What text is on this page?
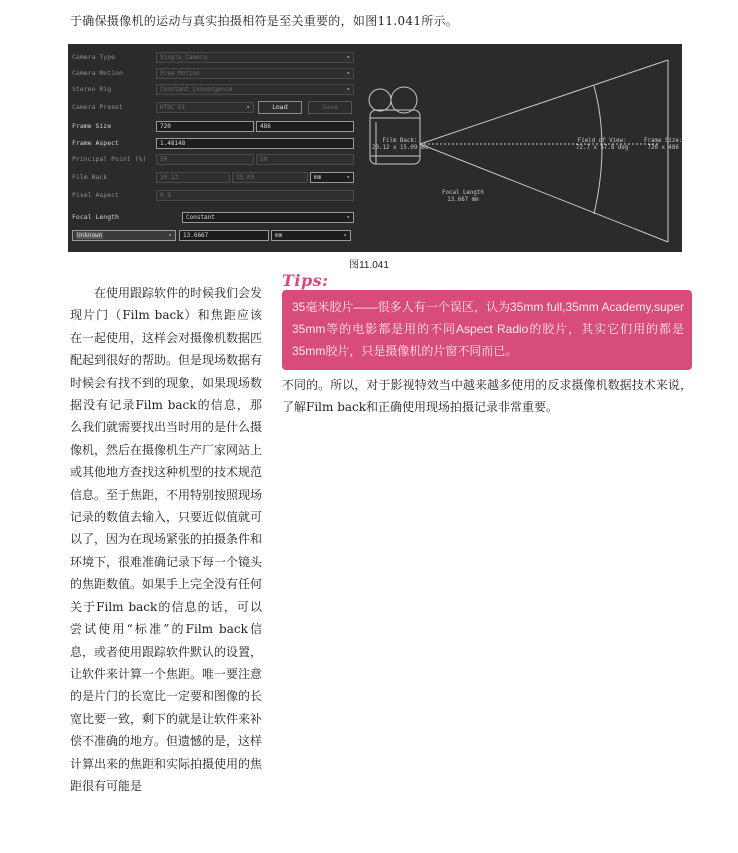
于确保摄像机的运动与真实拍摄相符是至关重要的，如图11.041所示。
Camera Type	Single Camera	▾
Camera Motion	Free Motion	▾
Stereo Rig	Constant Convergence	▾
Camera Preset	HTDC DI	▾	Load	Save
Frame Size	720	486
Frame Aspect	1.48148
Principal Point (%)	50	50
Film Back	20.12	15.09	mm	▾
Pixel Aspect	0.9
Focal Length	Constant	▾
Unknown	▾	13.6667	mm	▾
Film Back:
20.12 x 15.09 mm
Field of View:
72.7 x 57.8 deg
Frame Size:
720 x 486
Focal Length
13.667 mm
图11.041

在使用跟踪软件的时候我们会发现片门（Film back）和焦距应该在一起使用，这样会对摄像机数据匹配起到很好的帮助。但是现场数据有时候会有找不到的现象，如果现场数据没有记录Film back的信息，那么我们就需要找出当时用的是什么摄像机，然后在摄像机生产厂家网站上或其他地方查找这种机型的技术规范信息。至于焦距，不用特别按照现场记录的数值去输入，只要近似值就可以了，因为在现场紧张的拍摄条件和环境下，很难准确记录下每一个镜头的焦距数值。如果手上完全没有任何关于Film back的信息的话，可以尝试使用“标准”的Film back信息，或者使用跟踪软件默认的设置，让软件来计算一个焦距。唯一要注意的是片门的长宽比一定要和图像的长宽比要一致，剩下的就是让软件来补偿不准确的地方。但遗憾的是，这样计算出来的焦距和实际拍摄使用的焦距很有可能是

Tips:
35毫米胶片——很多人有一个误区，认为35mm full,35mm Academy,super 35mm等的电影都是用的不同Aspect Radio的胶片，其实它们用的都是35mm胶片，只是摄像机的片窗不同而已。

不同的。所以，对于影视特效当中越来越多使用的反求摄像机数据技术来说，了解Film back和正确使用现场拍摄记录非常重要。
